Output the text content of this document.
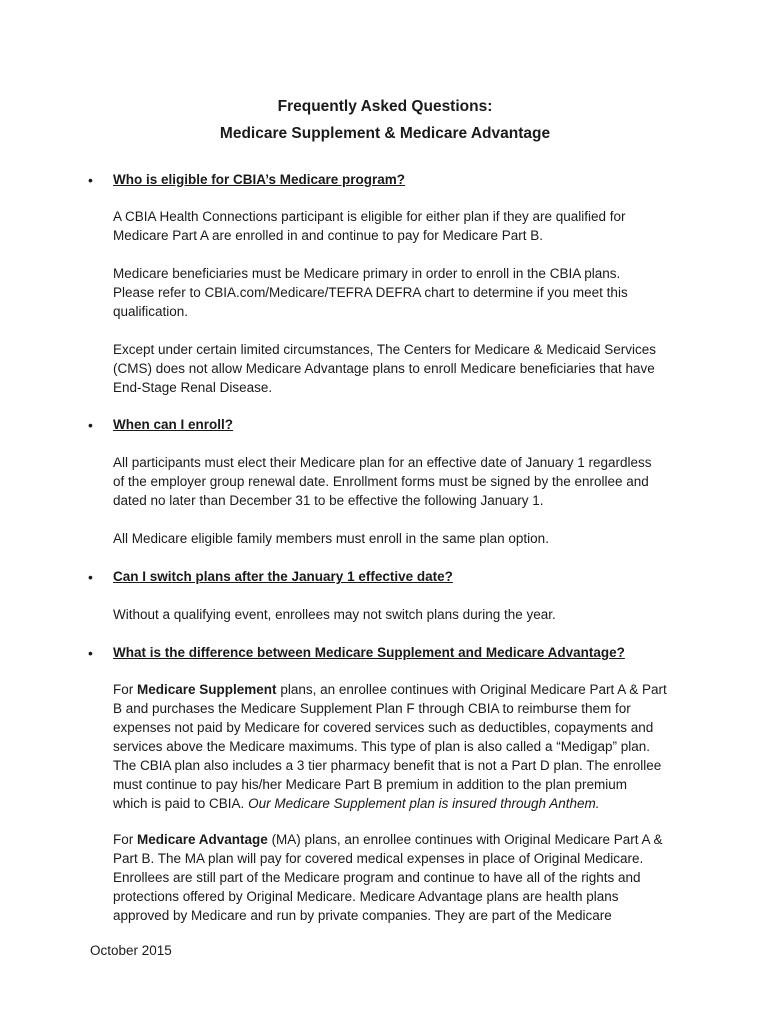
Frequently Asked Questions:
Medicare Supplement & Medicare Advantage
• Who is eligible for CBIA’s Medicare program?
A CBIA Health Connections participant is eligible for either plan if they are qualified for
Medicare Part A are enrolled in and continue to pay for Medicare Part B.
Medicare beneficiaries must be Medicare primary in order to enroll in the CBIA plans.
Please refer to CBIA.com/Medicare/TEFRA DEFRA chart to determine if you meet this
qualification.
Except under certain limited circumstances, The Centers for Medicare & Medicaid Services
(CMS) does not allow Medicare Advantage plans to enroll Medicare beneficiaries that have
End-Stage Renal Disease.
• When can I enroll?
All participants must elect their Medicare plan for an effective date of January 1 regardless
of the employer group renewal date. Enrollment forms must be signed by the enrollee and
dated no later than December 31 to be effective the following January 1.
All Medicare eligible family members must enroll in the same plan option.
• Can I switch plans after the January 1 effective date?
Without a qualifying event, enrollees may not switch plans during the year.
• What is the difference between Medicare Supplement and Medicare Advantage?
For Medicare Supplement plans, an enrollee continues with Original Medicare Part A & Part
B and purchases the Medicare Supplement Plan F through CBIA to reimburse them for
expenses not paid by Medicare for covered services such as deductibles, copayments and
services above the Medicare maximums. This type of plan is also called a “Medigap” plan.
The CBIA plan also includes a 3 tier pharmacy benefit that is not a Part D plan. The enrollee
must continue to pay his/her Medicare Part B premium in addition to the plan premium
which is paid to CBIA. Our Medicare Supplement plan is insured through Anthem.
For Medicare Advantage (MA) plans, an enrollee continues with Original Medicare Part A &
Part B. The MA plan will pay for covered medical expenses in place of Original Medicare.
Enrollees are still part of the Medicare program and continue to have all of the rights and
protections offered by Original Medicare. Medicare Advantage plans are health plans
approved by Medicare and run by private companies. They are part of the Medicare
October 2015
